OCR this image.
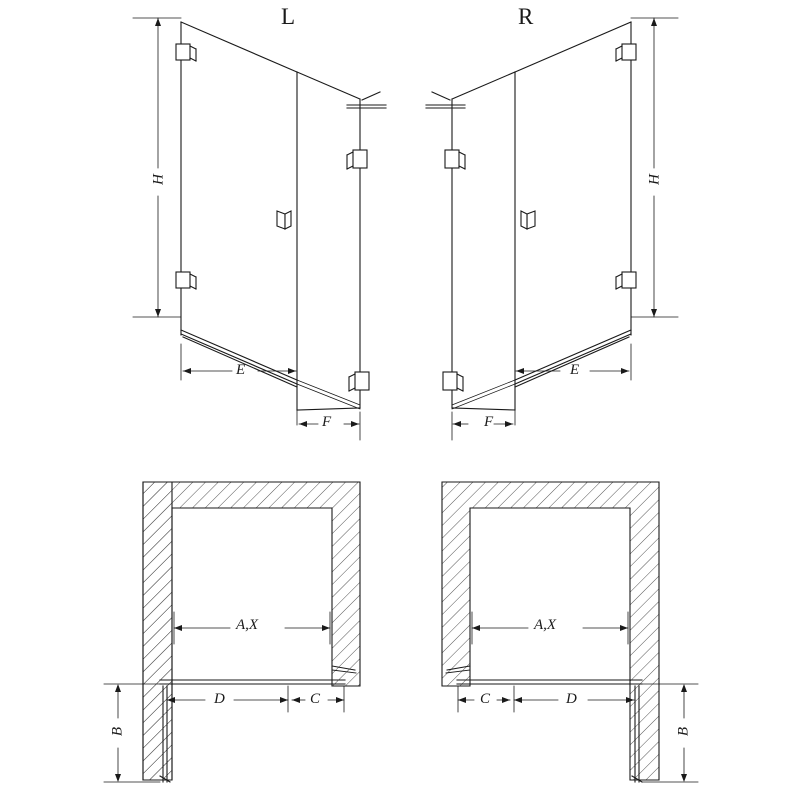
L	R
H	H
E
F
E
F
A,X	A,X
D	C	C	D
B	B
